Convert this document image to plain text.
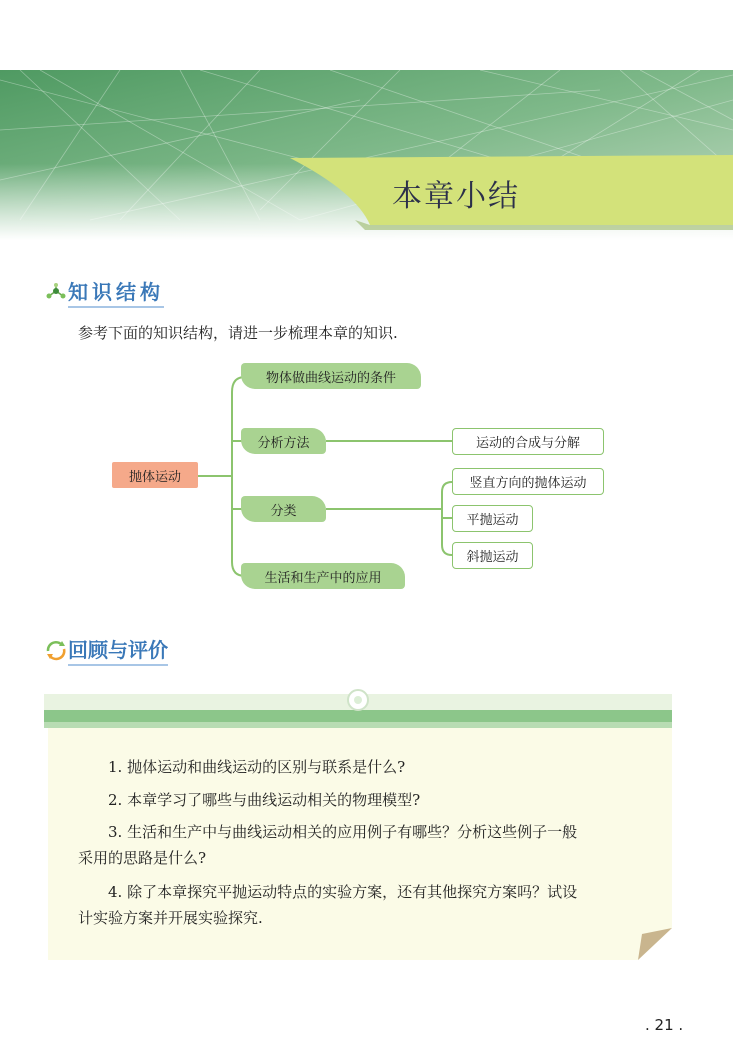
本章小结
知识结构
参考下面的知识结构，请进一步梳理本章的知识.
抛体运动
物体做曲线运动的条件
分析方法
分类
生活和生产中的应用
运动的合成与分解
竖直方向的抛体运动
平抛运动
斜抛运动
回顾与评价
1. 抛体运动和曲线运动的区别与联系是什么?
2. 本章学习了哪些与曲线运动相关的物理模型?
3. 生活和生产中与曲线运动相关的应用例子有哪些？分析这些例子一般
采用的思路是什么?
4. 除了本章探究平抛运动特点的实验方案，还有其他探究方案吗？试设
计实验方案并开展实验探究.
. 21 .
